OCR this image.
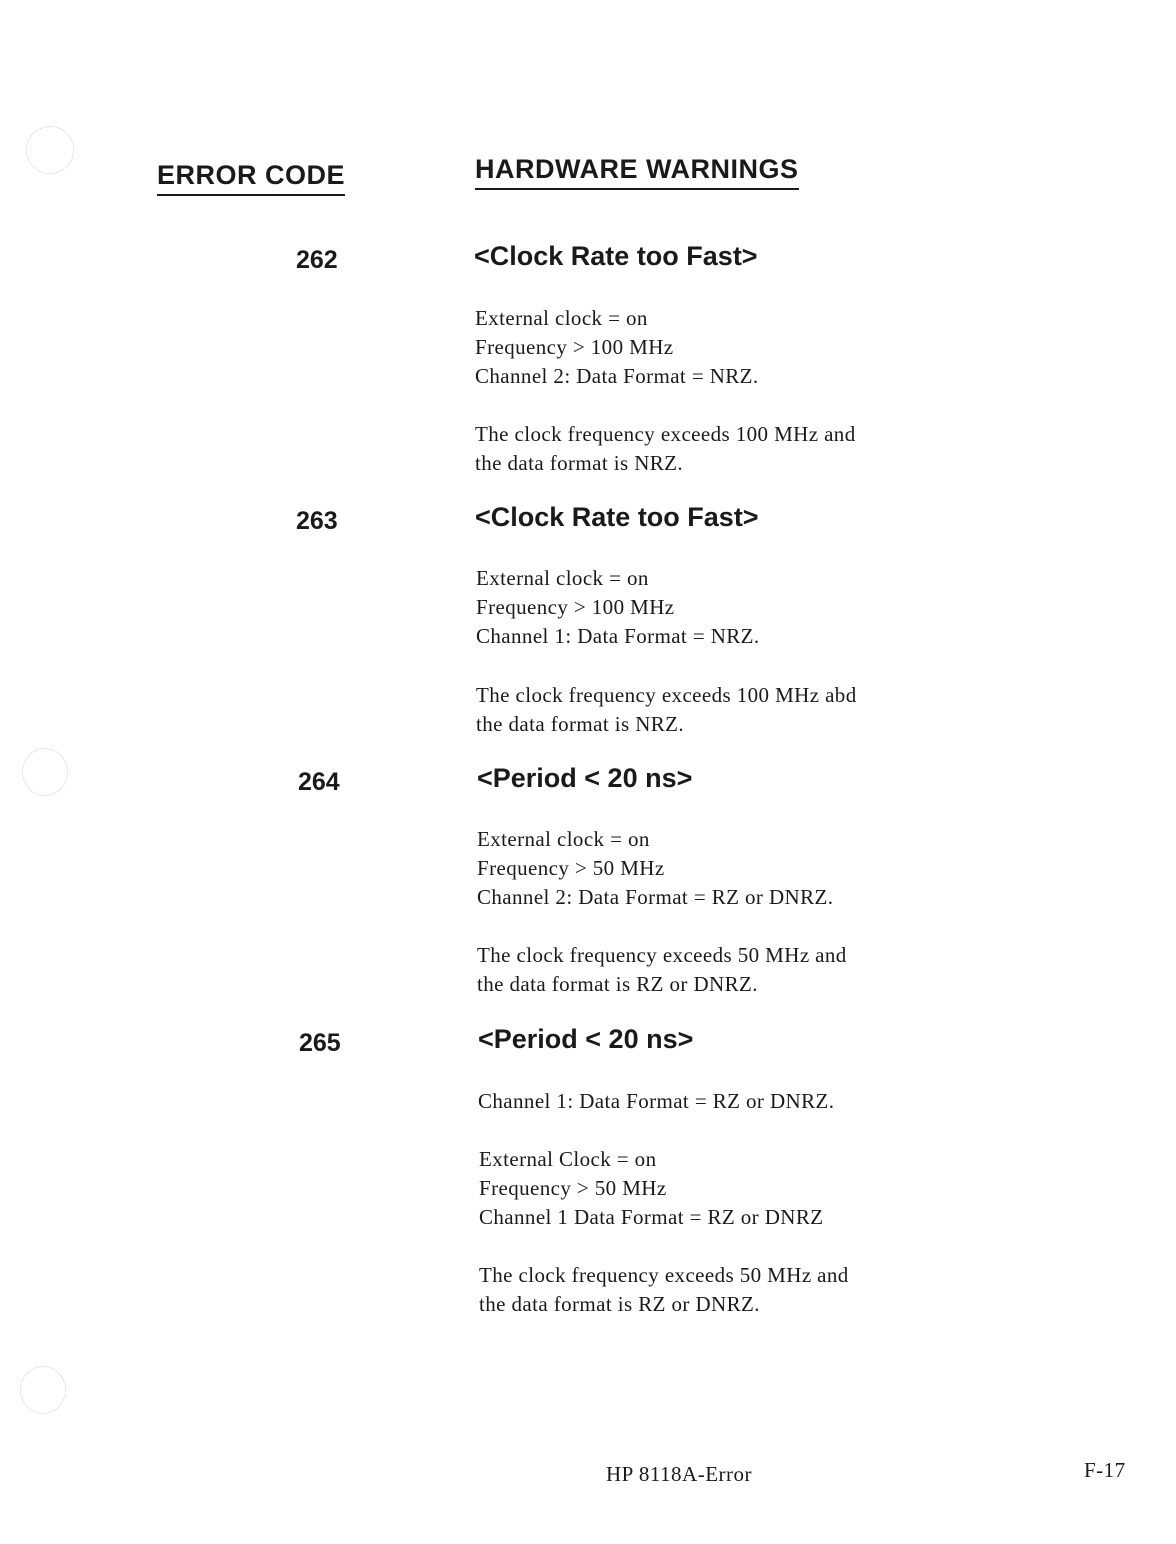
ERROR CODE	HARDWARE WARNINGS
262	<Clock Rate too Fast>
External clock = on
Frequency > 100 MHz
Channel 2: Data Format = NRZ.
The clock frequency exceeds 100 MHz and
the data format is NRZ.
263	<Clock Rate too Fast>
External clock = on
Frequency > 100 MHz
Channel 1: Data Format = NRZ.
The clock frequency exceeds 100 MHz abd
the data format is NRZ.
264	<Period < 20 ns>
External clock = on
Frequency > 50 MHz
Channel 2: Data Format = RZ or DNRZ.
The clock frequency exceeds 50 MHz and
the data format is RZ or DNRZ.
265	<Period < 20 ns>
Channel 1: Data Format = RZ or DNRZ.
External Clock = on
Frequency > 50 MHz
Channel 1 Data Format = RZ or DNRZ
The clock frequency exceeds 50 MHz and
the data format is RZ or DNRZ.
HP 8118A-Error	F-17
